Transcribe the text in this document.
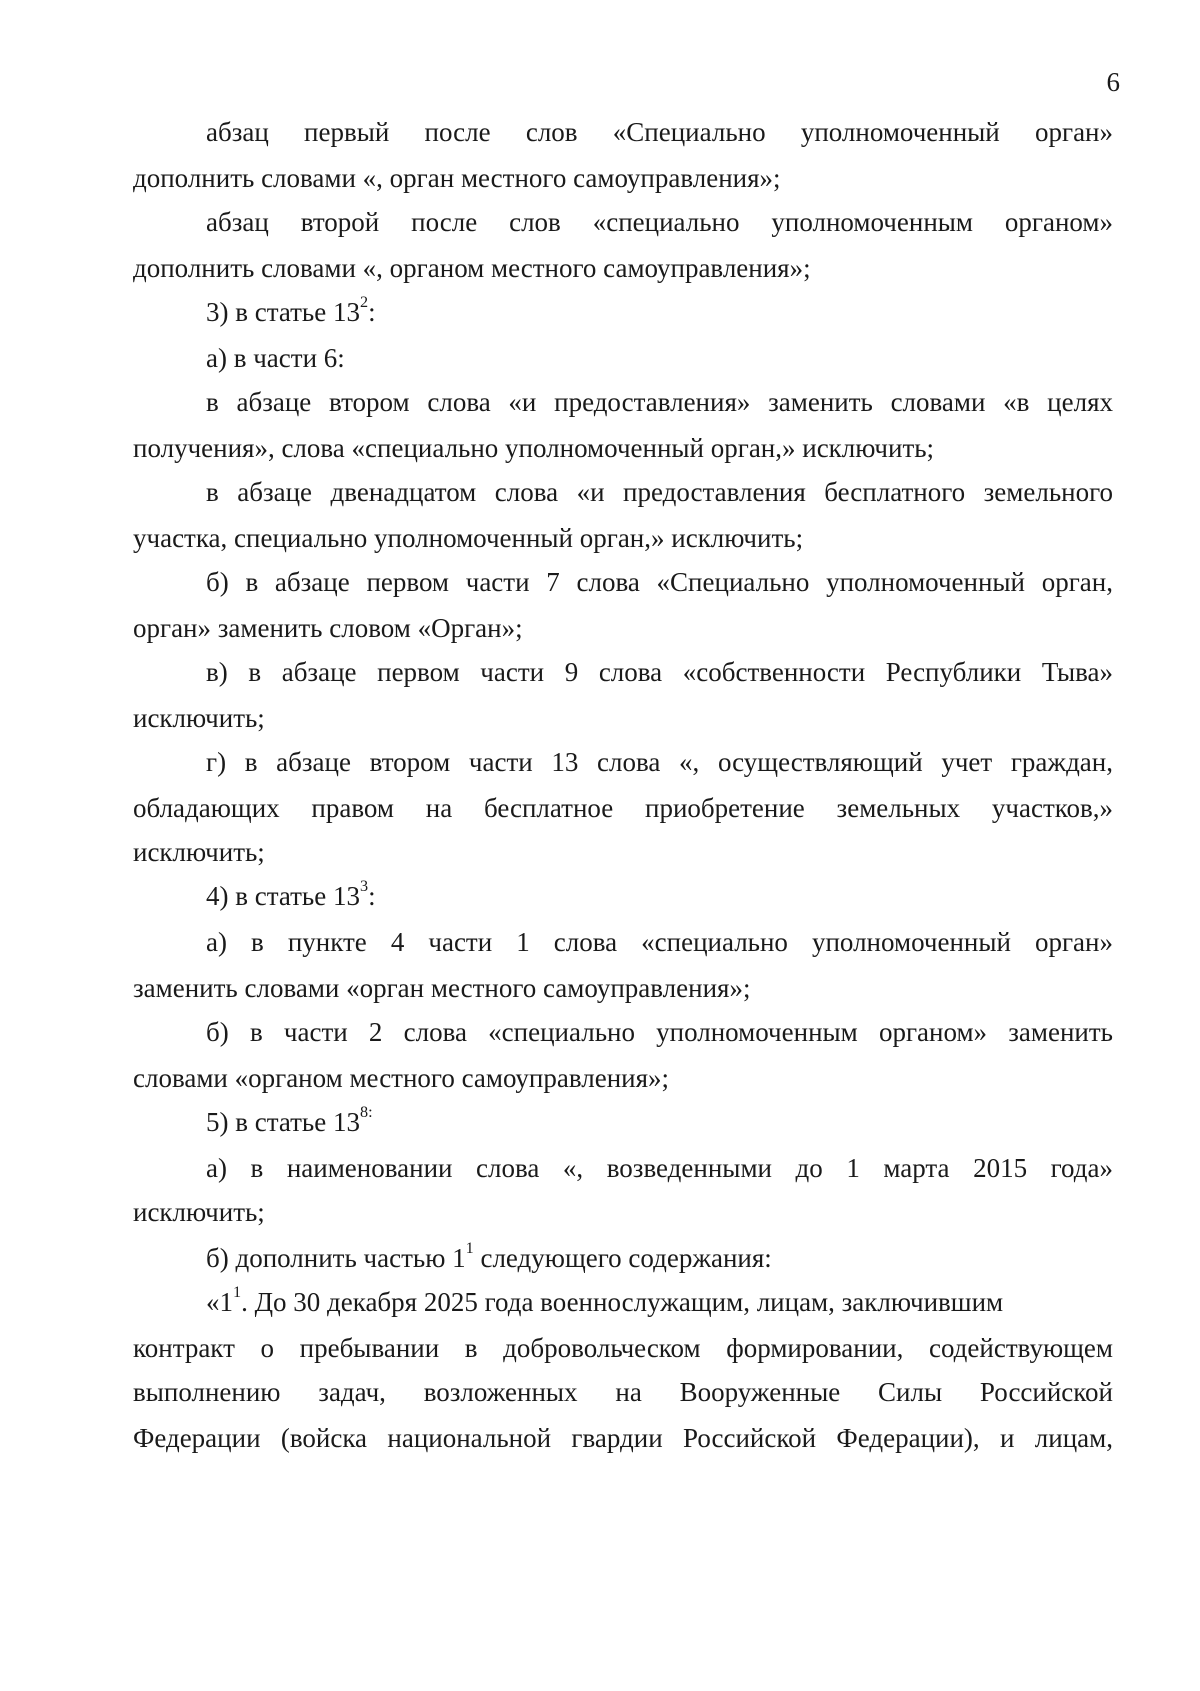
6
абзац первый после слов «Специально уполномоченный орган»
дополнить словами «, орган местного самоуправления»;
абзац второй после слов «специально уполномоченным органом»
дополнить словами «, органом местного самоуправления»;
3) в статье $13^2$:
а) в части 6:
в абзаце втором слова «и предоставления» заменить словами «в целях
получения», слова «специально уполномоченный орган,» исключить;
в абзаце двенадцатом слова «и предоставления бесплатного земельного
участка, специально уполномоченный орган,» исключить;
б) в абзаце первом части 7 слова «Специально уполномоченный орган,
орган» заменить словом «Орган»;
в) в абзаце первом части 9 слова «собственности Республики Тыва»
исключить;
г) в абзаце втором части 13 слова «, осуществляющий учет граждан,
обладающих правом на бесплатное приобретение земельных участков,»
исключить;
4) в статье $13^3$:
а) в пункте 4 части 1 слова «специально уполномоченный орган»
заменить словами «орган местного самоуправления»;
б) в части 2 слова «специально уполномоченным органом» заменить
словами «органом местного самоуправления»;
5) в статье $13^{8:}$
а) в наименовании слова «, возведенными до 1 марта 2015 года»
исключить;
б) дополнить частью $1^1$ следующего содержания:
«$1^1$. До 30 декабря 2025 года военнослужащим, лицам, заключившим
контракт о пребывании в добровольческом формировании, содействующем
выполнению задач, возложенных на Вооруженные Силы Российской
Федерации (войска национальной гвардии Российской Федерации), и лицам,
